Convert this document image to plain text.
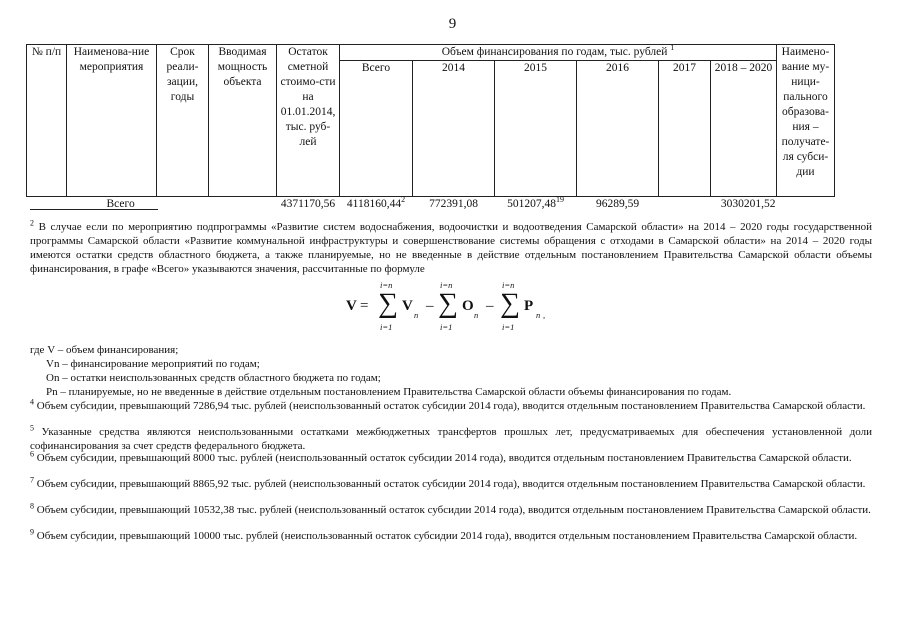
9
№ п/п	Наименова-ние мероприятия	Срок реали-зации, годы	Вводимая мощность объекта	Остаток сметной стоимо-сти на 01.01.2014, тыс. руб-лей	Объем финансирования по годам, тыс. рублей $^1$						Наимено-вание му-ници-пального образова-ния – получате-ля субси-дии
					Всего	2014	2015	2016	2017	2018 – 2020	
	Всего			4371170,56	4118160,44$^2$	772391,08	501207,48$^{19}$	96289,59		3030201,52	
$^2$ В случае если по мероприятию подпрограммы «Развитие систем водоснабжения, водоочистки и водоотведения Самарской области» на 2014 – 2020 годы государственной программы Самарской области «Развитие коммунальной инфраструктуры и совершенствование системы обращения с отходами в Самарской области» на 2014 – 2020 годы имеются остатки средств областного бюджета, а также планируемые, но не введенные в действие отдельным постановлением Правительства Самарской области объемы финансирования, в графе «Всего» указываются значения, рассчитанные по формуле
V =
i=n
∑
i=1
V
n
–
i=n
∑
i=1
O
n
–
i=n
∑
i=1
P
n ,
где V – объем финансирования;
Vn – финансирование мероприятий по годам;
On – остатки неиспользованных средств областного бюджета по годам;
Pn – планируемые, но не введенные в действие отдельным постановлением Правительства Самарской области объемы финансирования по годам.
$^4$ Объем субсидии, превышающий 7286,94 тыс. рублей (неиспользованный остаток субсидии 2014 года), вводится отдельным постановлением Правительства Самарской области.
$^5$ Указанные средства являются неиспользованными остатками межбюджетных трансфертов прошлых лет, предусматриваемых для обеспечения установленной доли софинансирования за счет средств федерального бюджета.
$^6$ Объем субсидии, превышающий 8000 тыс. рублей (неиспользованный остаток субсидии 2014 года), вводится отдельным постановлением Правительства Самарской области.
$^7$ Объем субсидии, превышающий 8865,92 тыс. рублей (неиспользованный остаток субсидии 2014 года), вводится отдельным постановлением Правительства Самарской области.
$^8$ Объем субсидии, превышающий 10532,38 тыс. рублей (неиспользованный остаток субсидии 2014 года), вводится отдельным постановлением Правительства Самарской области.
$^9$ Объем субсидии, превышающий 10000 тыс. рублей (неиспользованный остаток субсидии 2014 года), вводится отдельным постановлением Правительства Самарской области.
